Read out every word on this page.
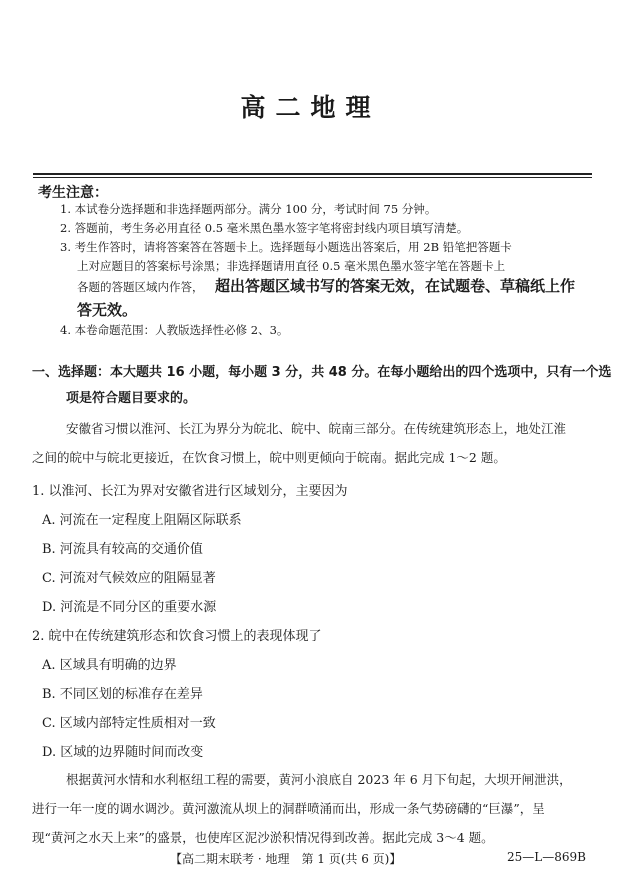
高二地理
考生注意：
1. 本试卷分选择题和非选择题两部分。满分 100 分，考试时间 75 分钟。
2. 答题前，考生务必用直径 0.5 毫米黑色墨水签字笔将密封线内项目填写清楚。
3. 考生作答时，请将答案答在答题卡上。选择题每小题选出答案后，用 2B 铅笔把答题卡
上对应题目的答案标号涂黑；非选择题请用直径 0.5 毫米黑色墨水签字笔在答题卡上
各题的答题区域内作答， 超出答题区域书写的答案无效，在试题卷、草稿纸上作
答无效。
4. 本卷命题范围：人教版选择性必修 2、3。
一、选择题：本大题共 16 小题，每小题 3 分，共 48 分。在每小题给出的四个选项中，只有一个选
项是符合题目要求的。
安徽省习惯以淮河、长江为界分为皖北、皖中、皖南三部分。在传统建筑形态上，地处江淮
之间的皖中与皖北更接近，在饮食习惯上，皖中则更倾向于皖南。据此完成 1～2 题。
1. 以淮河、长江为界对安徽省进行区域划分，主要因为
A. 河流在一定程度上阻隔区际联系
B. 河流具有较高的交通价值
C. 河流对气候效应的阻隔显著
D. 河流是不同分区的重要水源
2. 皖中在传统建筑形态和饮食习惯上的表现体现了
A. 区域具有明确的边界
B. 不同区划的标准存在差异
C. 区域内部特定性质相对一致
D. 区域的边界随时间而改变
根据黄河水情和水利枢纽工程的需要，黄河小浪底自 2023 年 6 月下旬起，大坝开闸泄洪，
进行一年一度的调水调沙。黄河激流从坝上的洞群喷涌而出，形成一条气势磅礴的“巨瀑”，呈
现“黄河之水天上来”的盛景，也使库区泥沙淤积情况得到改善。据此完成 3～4 题。
【高二期末联考 · 地理　第 1 页(共 6 页)】	25—L—869B
